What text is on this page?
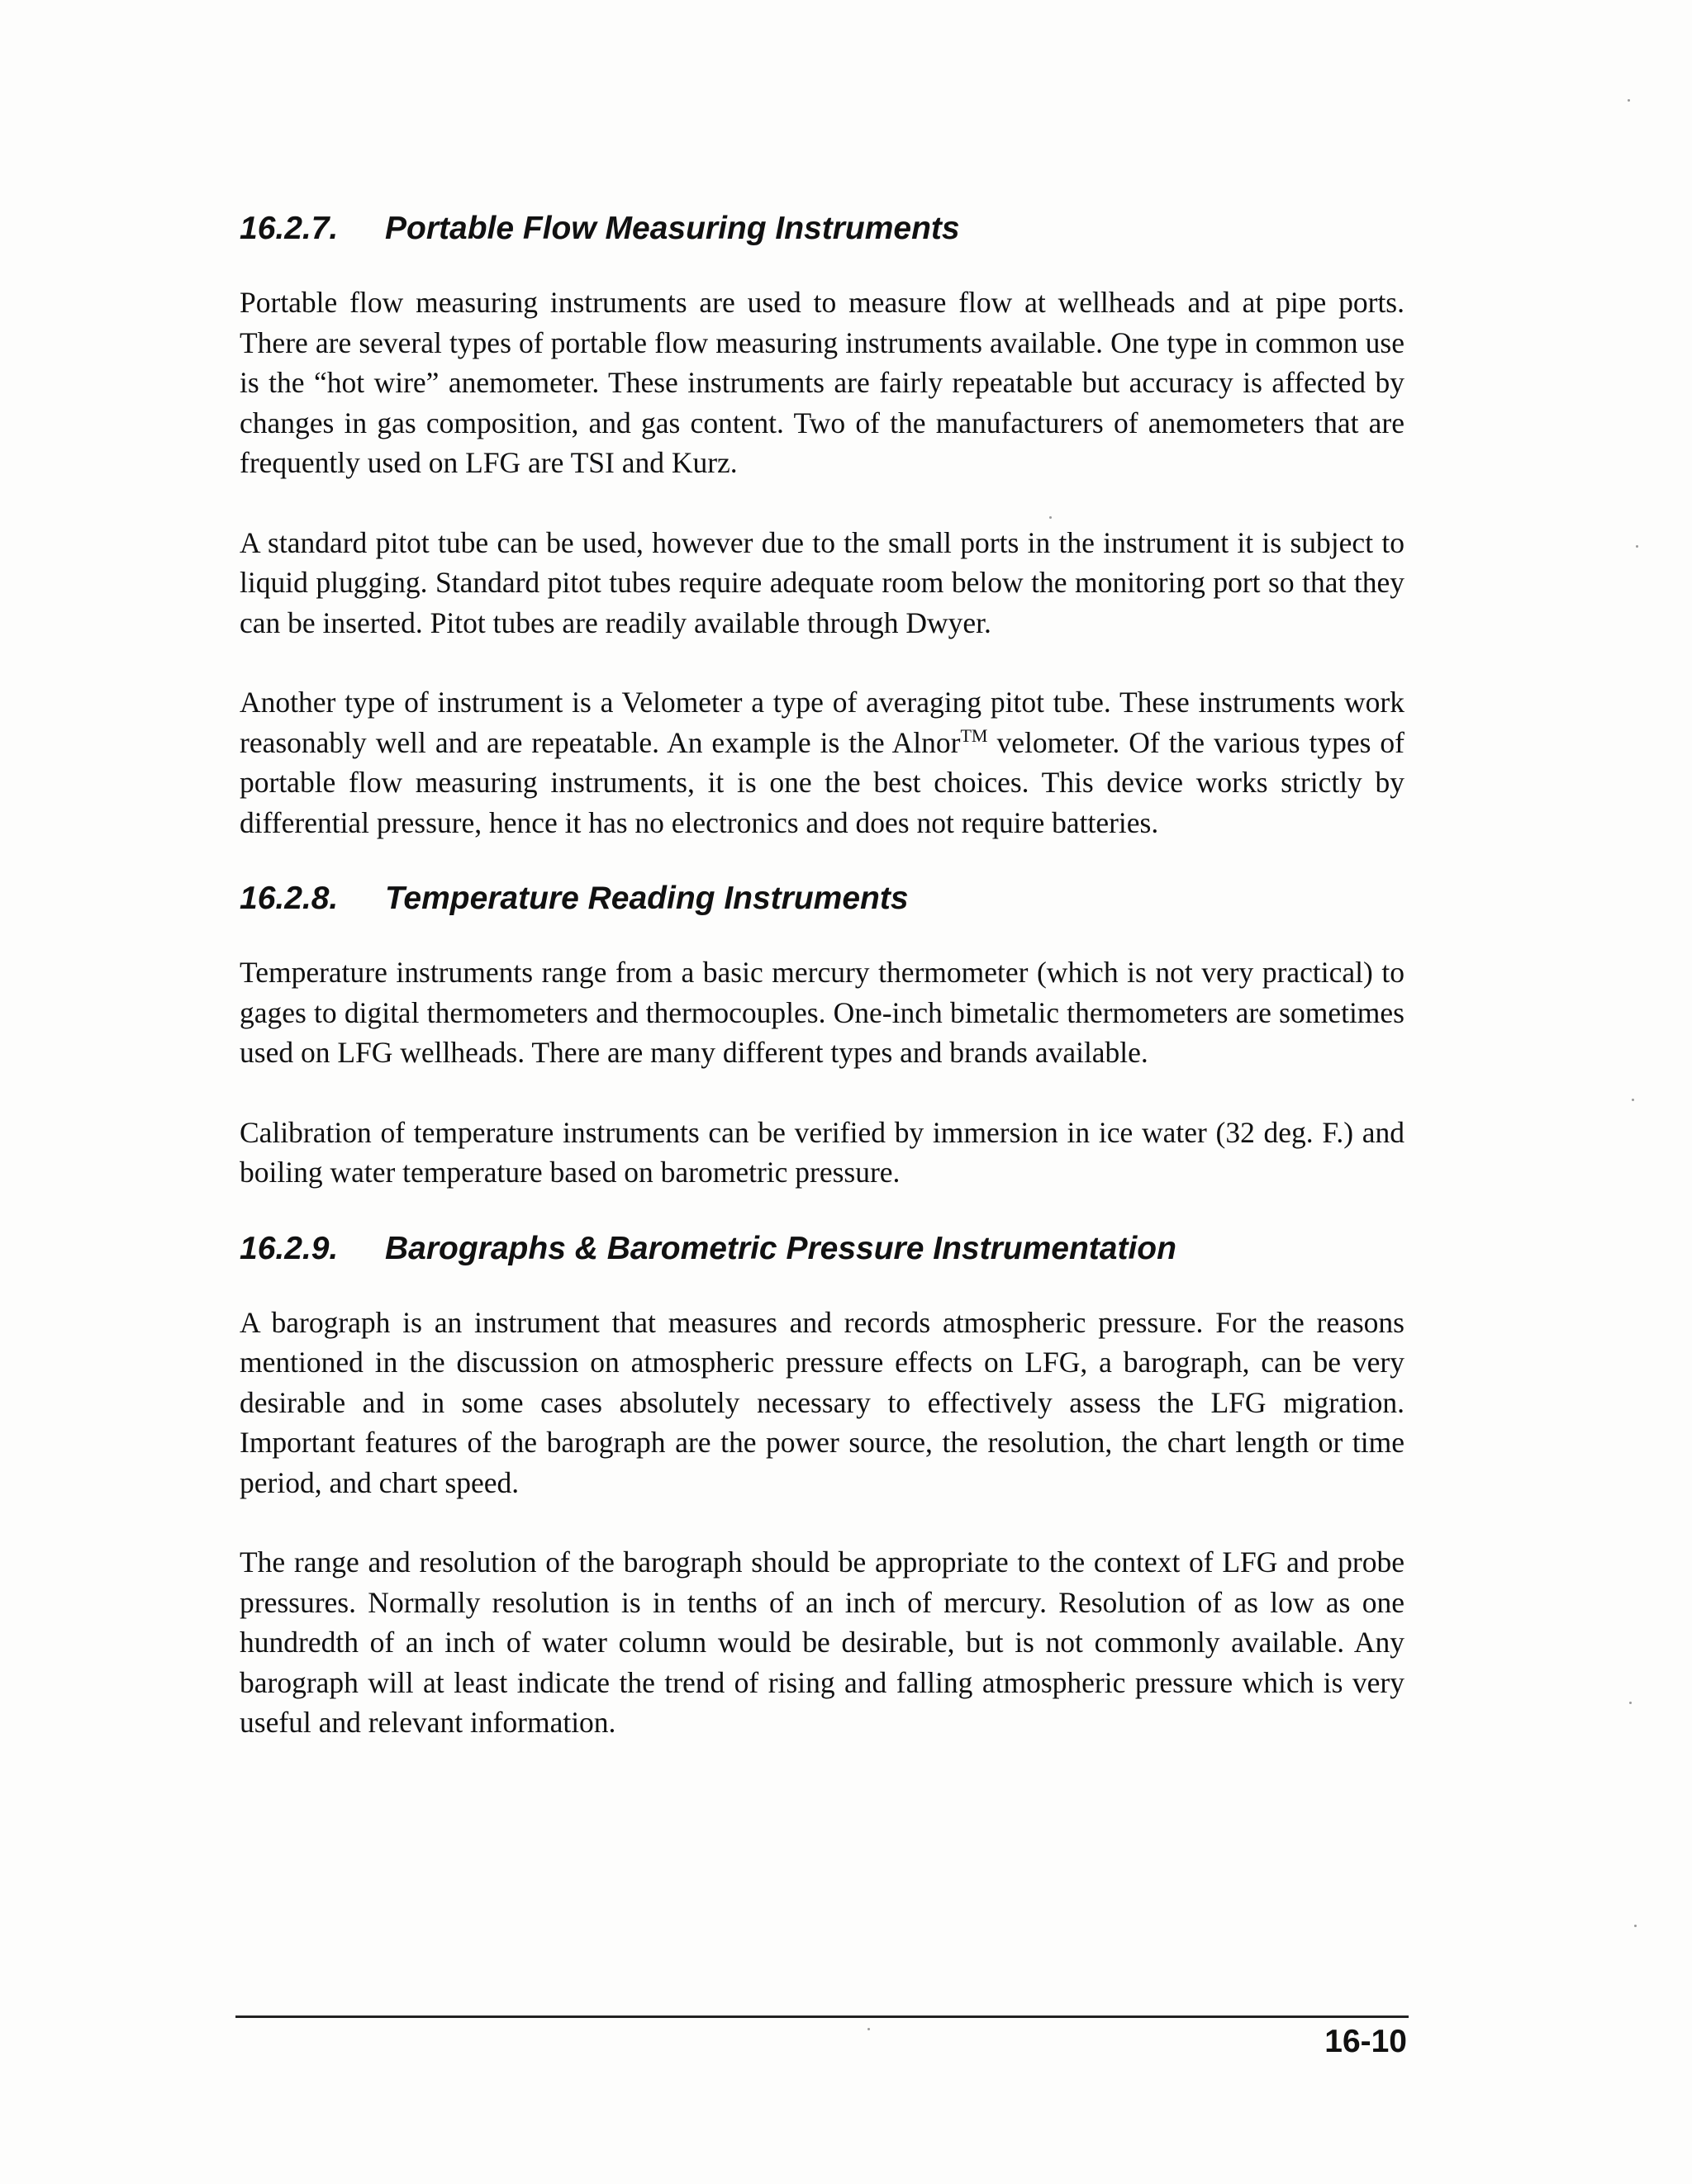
16.2.7.	Portable Flow Measuring Instruments

Portable flow measuring instruments are used to measure flow at wellheads and at pipe ports. There are several types of portable flow measuring instruments available. One type in common use is the “hot wire” anemometer. These instruments are fairly repeatable but accuracy is affected by changes in gas composition, and gas content. Two of the manufacturers of anemometers that are frequently used on LFG are TSI and Kurz.

A standard pitot tube can be used, however due to the small ports in the instrument it is subject to liquid plugging. Standard pitot tubes require adequate room below the monitoring port so that they can be inserted. Pitot tubes are readily available through Dwyer.

Another type of instrument is a Velometer a type of averaging pitot tube. These instruments work reasonably well and are repeatable. An example is the Alnor™ velometer. Of the various types of portable flow measuring instruments, it is one the best choices. This device works strictly by differential pressure, hence it has no electronics and does not require batteries.

16.2.8.	Temperature Reading Instruments

Temperature instruments range from a basic mercury thermometer (which is not very practical) to gages to digital thermometers and thermocouples. One-inch bimetalic thermometers are sometimes used on LFG wellheads. There are many different types and brands available.

Calibration of temperature instruments can be verified by immersion in ice water (32 deg. F.) and boiling water temperature based on barometric pressure.

16.2.9.	Barographs & Barometric Pressure Instrumentation

A barograph is an instrument that measures and records atmospheric pressure. For the reasons mentioned in the discussion on atmospheric pressure effects on LFG, a barograph, can be very desirable and in some cases absolutely necessary to effectively assess the LFG migration. Important features of the barograph are the power source, the resolution, the chart length or time period, and chart speed.

The range and resolution of the barograph should be appropriate to the context of LFG and probe pressures. Normally resolution is in tenths of an inch of mercury. Resolution of as low as one hundredth of an inch of water column would be desirable, but is not commonly available. Any barograph will at least indicate the trend of rising and falling atmospheric pressure which is very useful and relevant information.

16-10
